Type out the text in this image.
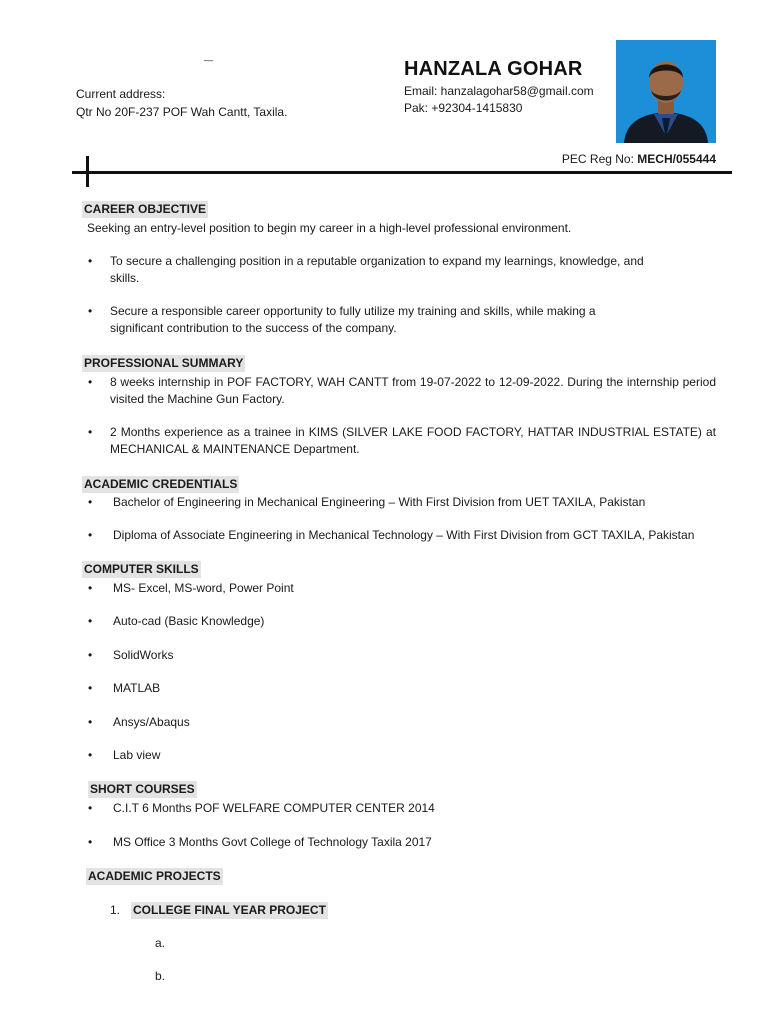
_
Current address:
Qtr No 20F-237 POF Wah Cantt, Taxila.
HANZALA GOHAR
Email: hanzalagohar58@gmail.com
Pak: +92304-1415830
PEC Reg No: MECH/055444
CAREER OBJECTIVE
Seeking an entry-level position to begin my career in a high-level professional environment.
•	To secure a challenging position in a reputable organization to expand my learnings, knowledge, and skills.
•	Secure a responsible career opportunity to fully utilize my training and skills, while making a significant contribution to the success of the company.
PROFESSIONAL SUMMARY
•	8 weeks internship in POF FACTORY, WAH CANTT from 19-07-2022 to 12-09-2022. During the internship period visited the Machine Gun Factory.
•	2 Months experience as a trainee in KIMS (SILVER LAKE FOOD FACTORY, HATTAR INDUSTRIAL ESTATE) at MECHANICAL & MAINTENANCE Department.
ACADEMIC CREDENTIALS
• Bachelor of Engineering in Mechanical Engineering – With First Division from UET TAXILA, Pakistan
• Diploma of Associate Engineering in Mechanical Technology – With First Division from GCT TAXILA, Pakistan
COMPUTER SKILLS
• MS- Excel, MS-word, Power Point
• Auto-cad (Basic Knowledge)
• SolidWorks
• MATLAB
• Ansys/Abaqus
• Lab view
SHORT COURSES
• C.I.T 6 Months POF WELFARE COMPUTER CENTER 2014
• MS Office 3 Months Govt College of Technology Taxila 2017
ACADEMIC PROJECTS
1. COLLEGE FINAL YEAR PROJECT
a.
b.
